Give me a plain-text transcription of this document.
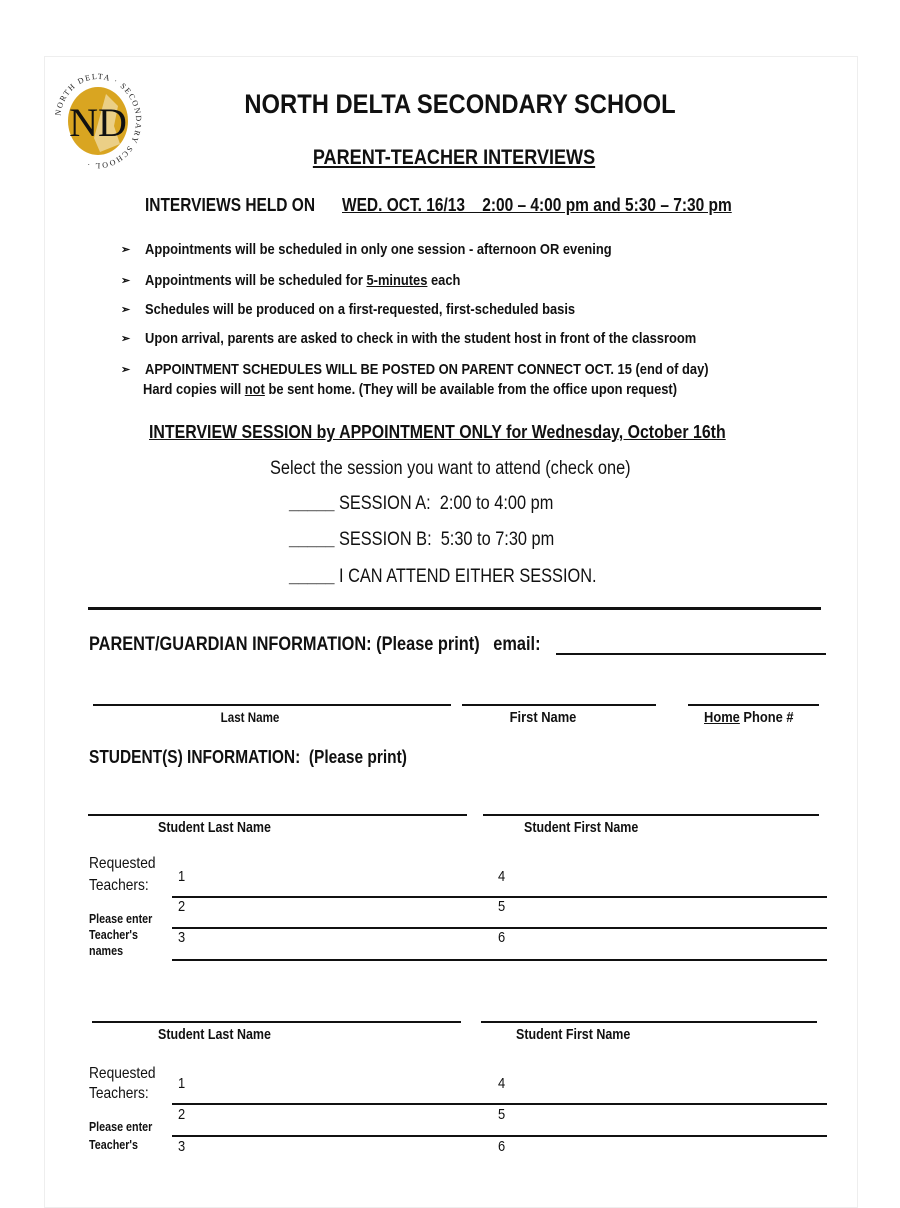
ND
NORTH DELTA · SECONDARY SCHOOL ·
NORTH DELTA SECONDARY SCHOOL
PARENT-TEACHER INTERVIEWS
INTERVIEWS HELD ON WED. OCT. 16/13    2:00 – 4:00 pm and 5:30 – 7:30 pm
➢ Appointments will be scheduled in only one session - afternoon OR evening
➢ Appointments will be scheduled for 5-minutes each
➢ Schedules will be produced on a first-requested, first-scheduled basis
➢ Upon arrival, parents are asked to check in with the student host in front of the classroom
➢ APPOINTMENT SCHEDULES WILL BE POSTED ON PARENT CONNECT OCT. 15 (end of day)
Hard copies will not be sent home. (They will be available from the office upon request)
INTERVIEW SESSION by APPOINTMENT ONLY for Wednesday, October 16th
Select the session you want to attend (check one)
_____ SESSION A:  2:00 to 4:00 pm
_____ SESSION B:  5:30 to 7:30 pm
_____ I CAN ATTEND EITHER SESSION.
PARENT/GUARDIAN INFORMATION: (Please print) email:
Last Name	First Name	Home Phone #
STUDENT(S) INFORMATION:  (Please print)
Student Last Name	Student First Name
Requested
Teachers:
Please enter
Teacher's
names
1	4
2	5
3	6
Student Last Name	Student First Name
Requested
Teachers:
Please enter
Teacher's
1	4
2	5
3	6
